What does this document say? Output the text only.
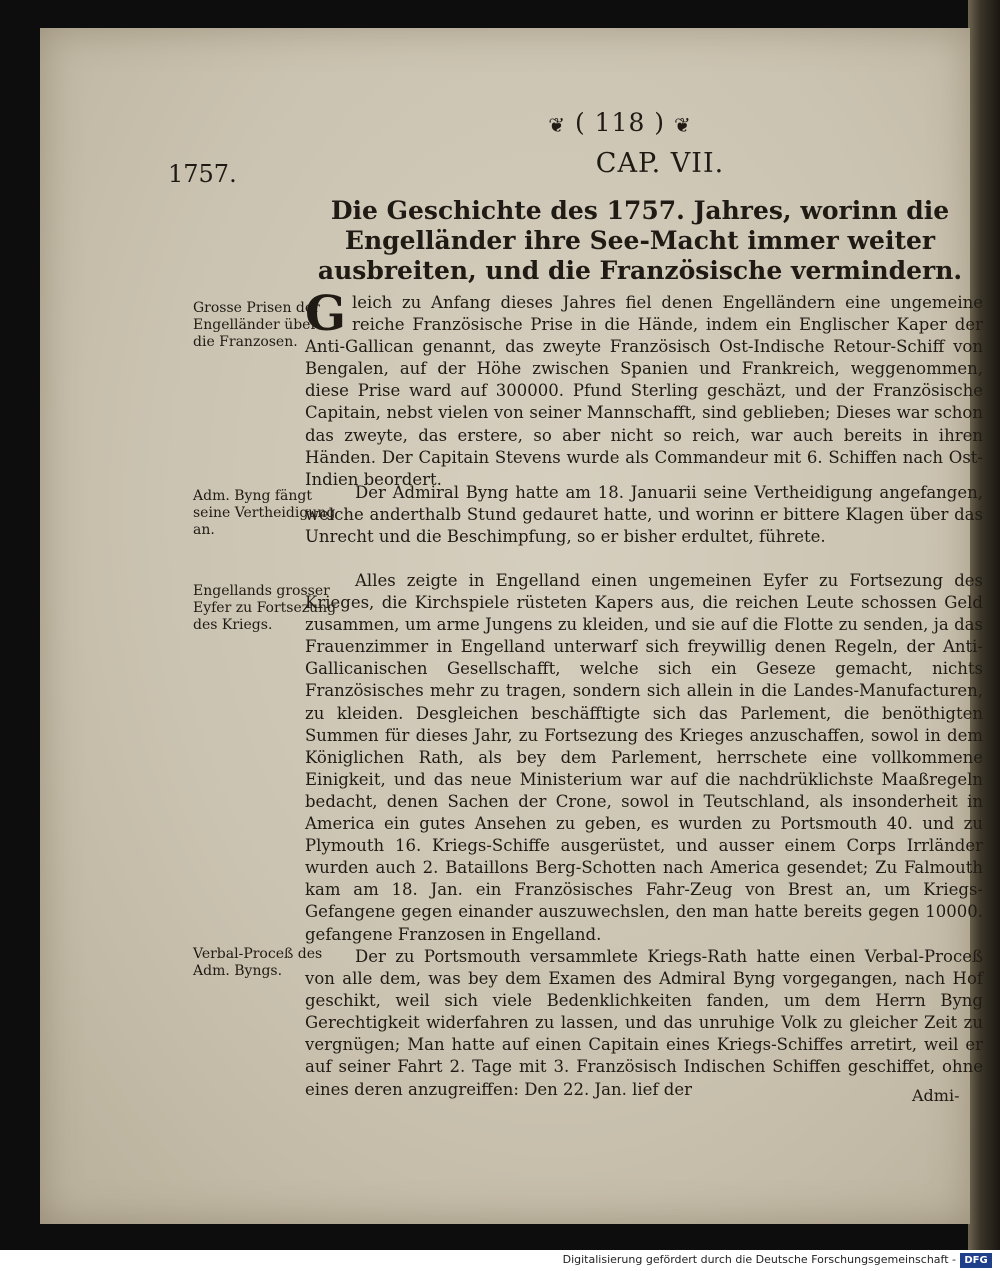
❦ ( 118 ) ❦
1757.	CAP. VII.
Die Geschichte des 1757. Jahres, worinn die Engelländer ihre See-Macht immer weiter ausbreiten, und die Französische vermindern.
Grosse Prisen der Engelländer über die Franzosen.
Adm. Byng fängt seine Vertheidigung an.
Engellands grosser Eyfer zu Fortsezung des Kriegs.
Verbal-Proceß des Adm. Byngs.
G leich zu Anfang dieses Jahres fiel denen Engelländern eine ungemeine reiche Französische Prise in die Hände, indem ein Englischer Kaper der Anti-Gallican genannt, das zweyte Französisch Ost-Indische Retour-Schiff von Bengalen, auf der Höhe zwischen Spanien und Frankreich, weggenommen, diese Prise ward auf 300000. Pfund Sterling geschäzt, und der Französische Capitain, nebst vielen von seiner Mannschafft, sind geblieben; Dieses war schon das zweyte, das erstere, so aber nicht so reich, war auch bereits in ihren Händen. Der Capitain Stevens wurde als Commandeur mit 6. Schiffen nach Ost-Indien beordert.
Der Admiral Byng hatte am 18. Januarii seine Vertheidigung angefangen, welche anderthalb Stund gedauret hatte, und worinn er bittere Klagen über das Unrecht und die Beschimpfung, so er bisher erdultet, führete.
Alles zeigte in Engelland einen ungemeinen Eyfer zu Fortsezung des Krieges, die Kirchspiele rüsteten Kapers aus, die reichen Leute schossen Geld zusammen, um arme Jungens zu kleiden, und sie auf die Flotte zu senden, ja das Frauenzimmer in Engelland unterwarf sich freywillig denen Regeln, der Anti-Gallicanischen Gesellschafft, welche sich ein Geseze gemacht, nichts Französisches mehr zu tragen, sondern sich allein in die Landes-Manufacturen, zu kleiden. Desgleichen beschäfftigte sich das Parlement, die benöthigten Summen für dieses Jahr, zu Fortsezung des Krieges anzuschaffen, sowol in dem Königlichen Rath, als bey dem Parlement, herrschete eine vollkommene Einigkeit, und das neue Ministerium war auf die nachdrüklichste Maaßregeln bedacht, denen Sachen der Crone, sowol in Teutschland, als insonderheit in America ein gutes Ansehen zu geben, es wurden zu Portsmouth 40. und zu Plymouth 16. Kriegs-Schiffe ausgerüstet, und ausser einem Corps Irrländer wurden auch 2. Bataillons Berg-Schotten nach America gesendet; Zu Falmouth kam am 18. Jan. ein Französisches Fahr-Zeug von Brest an, um Kriegs-Gefangene gegen einander auszuwechslen, den man hatte bereits gegen 10000. gefangene Franzosen in Engelland.
Der zu Portsmouth versammlete Kriegs-Rath hatte einen Verbal-Proceß von alle dem, was bey dem Examen des Admiral Byng vorgegangen, nach Hof geschikt, weil sich viele Bedenklichkeiten fanden, um dem Herrn Byng Gerechtigkeit widerfahren zu lassen, und das unruhige Volk zu gleicher Zeit zu vergnügen; Man hatte auf einen Capitain eines Kriegs-Schiffes arretirt, weil er auf seiner Fahrt 2. Tage mit 3. Französisch Indischen Schiffen geschiffet, ohne eines deren anzugreiffen: Den 22. Jan. lief der	Admi-
Digitalisierung gefördert durch die Deutsche Forschungsgemeinschaft - DFG
